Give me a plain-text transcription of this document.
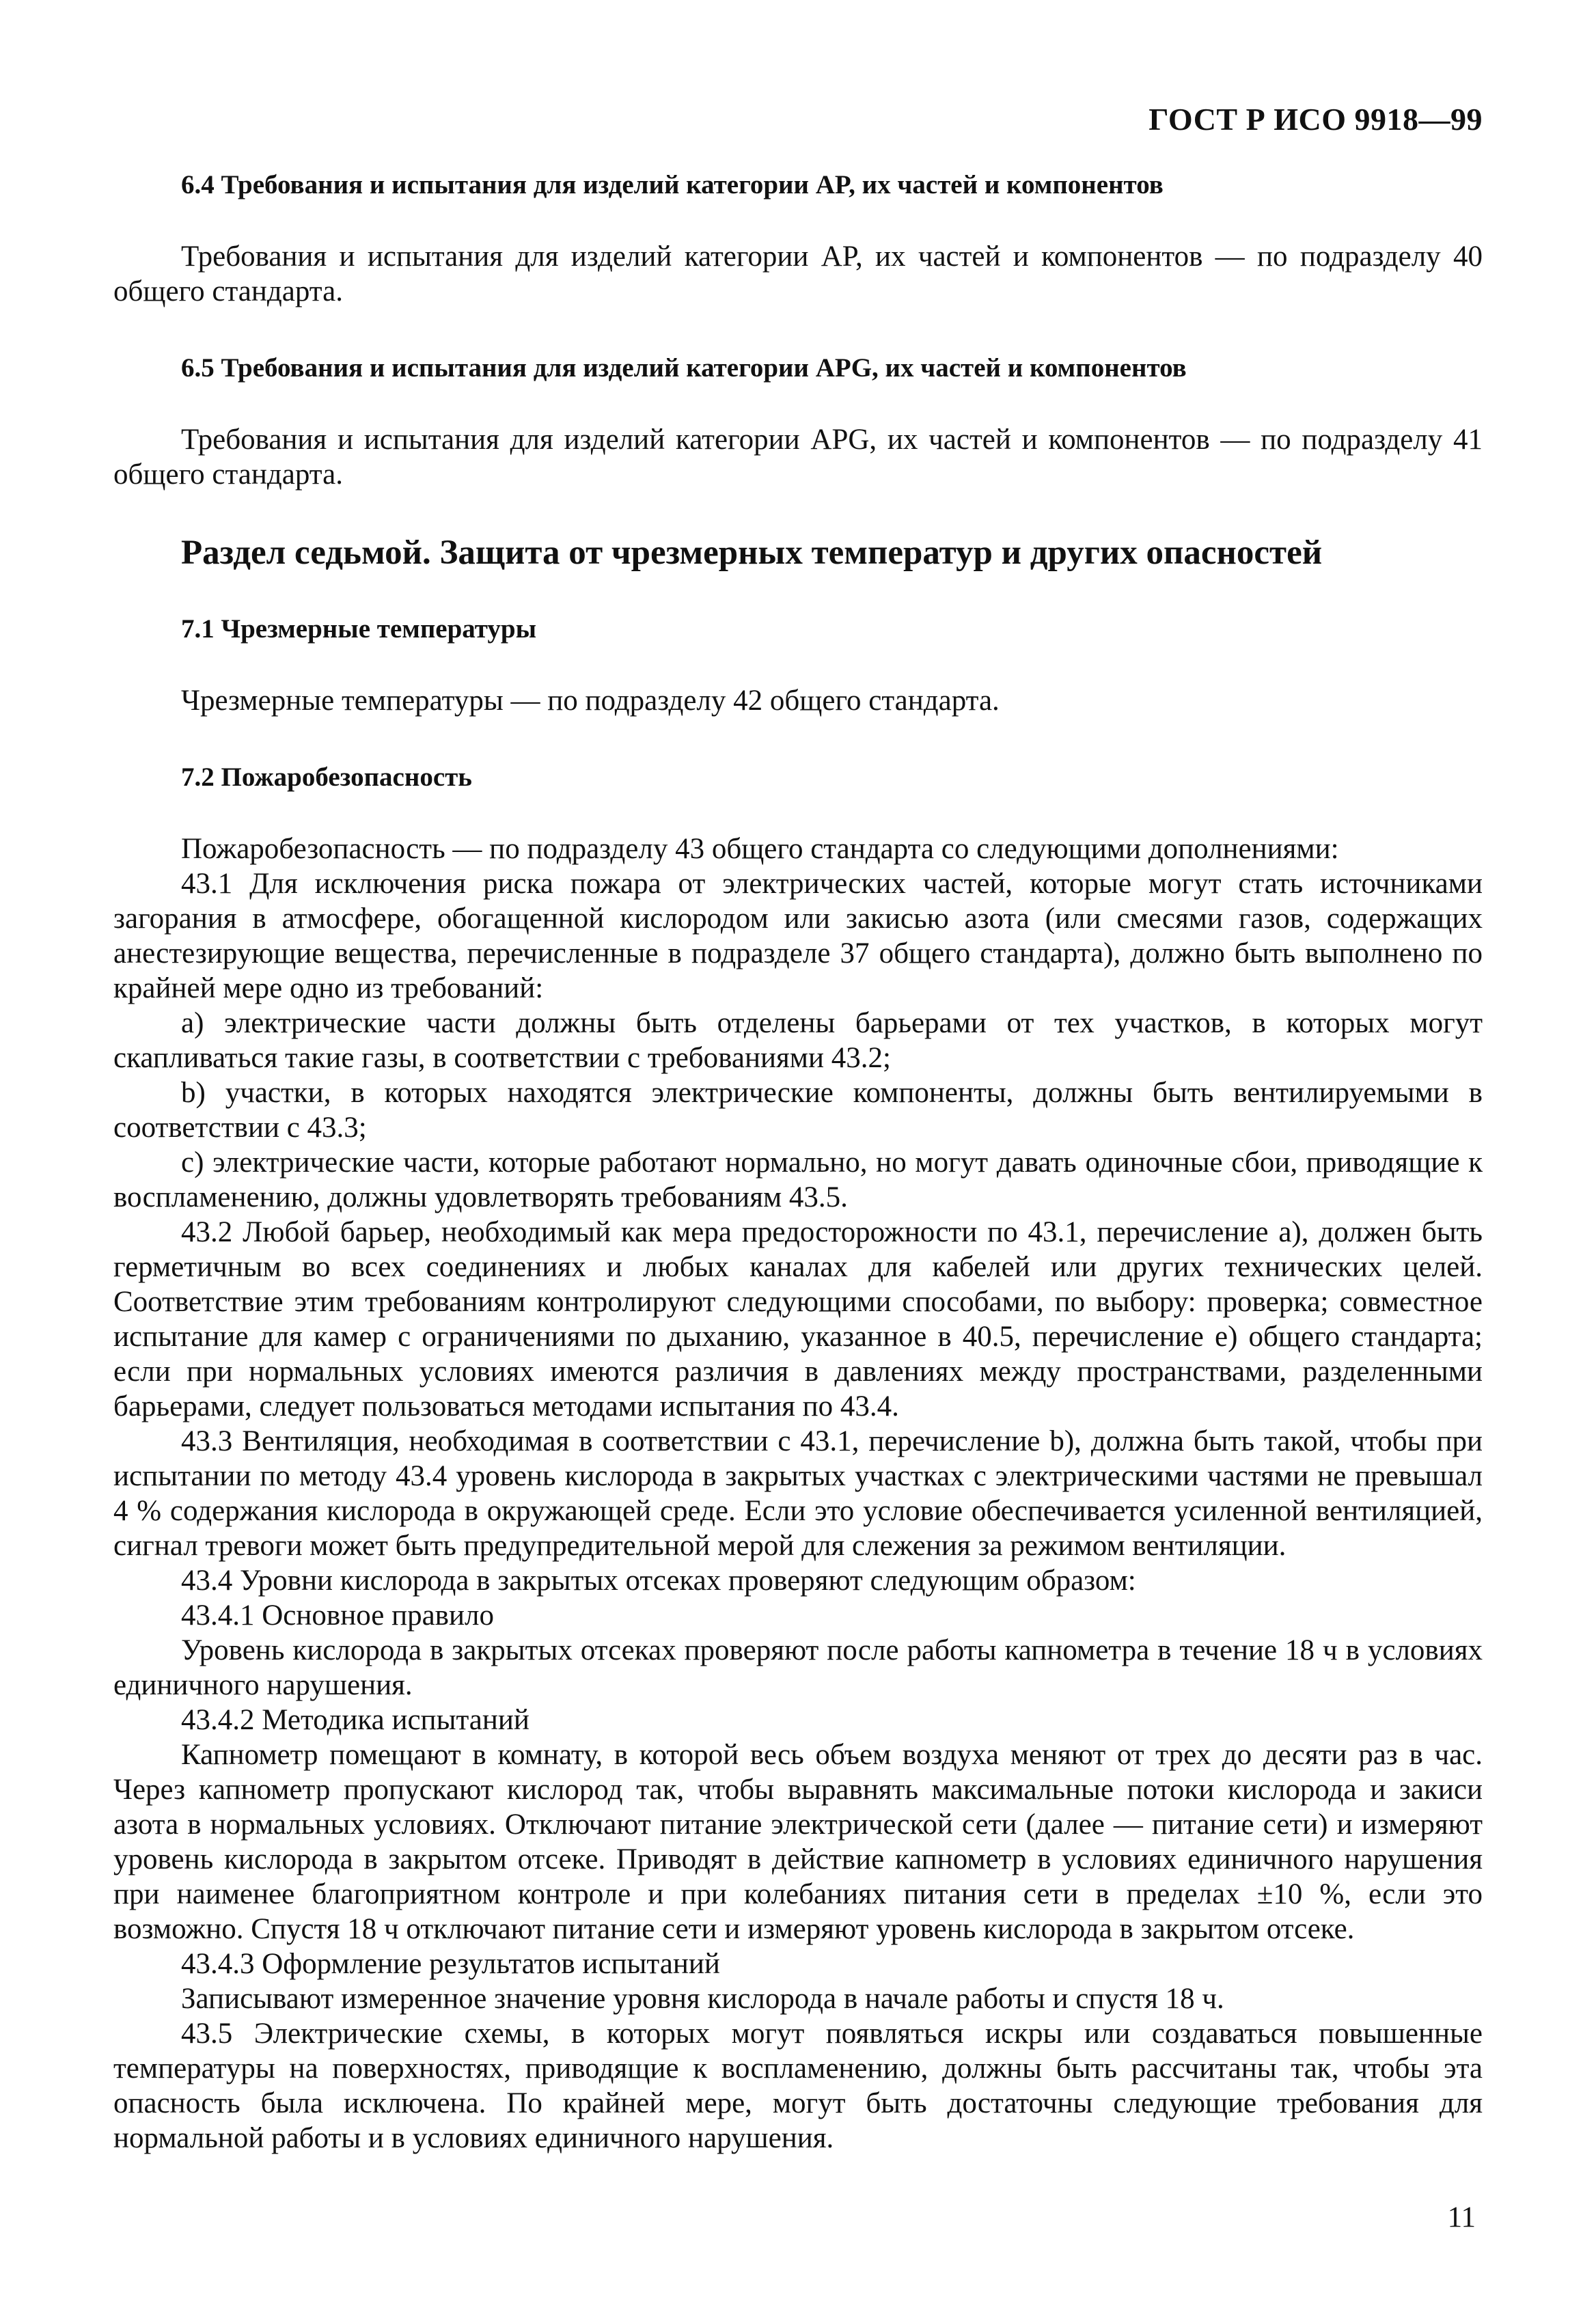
ГОСТ Р ИСО 9918—99
6.4 Требования и испытания для изделий категории AP, их частей и компонентов
Требования и испытания для изделий категории AP, их частей и компонентов — по подразделу 40 общего стандарта.
6.5 Требования и испытания для изделий категории APG, их частей и компонентов
Требования и испытания для изделий категории APG, их частей и компонентов — по подразделу 41 общего стандарта.
Раздел седьмой. Защита от чрезмерных температур и других опасностей
7.1 Чрезмерные температуры
Чрезмерные температуры — по подразделу 42 общего стандарта.
7.2 Пожаробезопасность
Пожаробезопасность — по подразделу 43 общего стандарта со следующими дополнениями:
43.1 Для исключения риска пожара от электрических частей, которые могут стать источниками загорания в атмосфере, обогащенной кислородом или закисью азота (или смесями газов, содержащих анестезирующие вещества, перечисленные в подразделе 37 общего стандарта), должно быть выполнено по крайней мере одно из требований:
a) электрические части должны быть отделены барьерами от тех участков, в которых могут скапливаться такие газы, в соответствии с требованиями 43.2;
b) участки, в которых находятся электрические компоненты, должны быть вентилируемыми в соответствии с 43.3;
c) электрические части, которые работают нормально, но могут давать одиночные сбои, приводящие к воспламенению, должны удовлетворять требованиям 43.5.
43.2 Любой барьер, необходимый как мера предосторожности по 43.1, перечисление a), должен быть герметичным во всех соединениях и любых каналах для кабелей или других технических целей. Соответствие этим требованиям контролируют следующими способами, по выбору: проверка; совместное испытание для камер с ограничениями по дыханию, указанное в 40.5, перечисление e) общего стандарта; если при нормальных условиях имеются различия в давлениях между пространствами, разделенными барьерами, следует пользоваться методами испытания по 43.4.
43.3 Вентиляция, необходимая в соответствии с 43.1, перечисление b), должна быть такой, чтобы при испытании по методу 43.4 уровень кислорода в закрытых участках с электрическими частями не превышал 4 % содержания кислорода в окружающей среде. Если это условие обеспечивается усиленной вентиляцией, сигнал тревоги может быть предупредительной мерой для слежения за режимом вентиляции.
43.4 Уровни кислорода в закрытых отсеках проверяют следующим образом:
43.4.1 Основное правило
Уровень кислорода в закрытых отсеках проверяют после работы капнометра в течение 18 ч в условиях единичного нарушения.
43.4.2 Методика испытаний
Капнометр помещают в комнату, в которой весь объем воздуха меняют от трех до десяти раз в час. Через капнометр пропускают кислород так, чтобы выравнять максимальные потоки кислорода и закиси азота в нормальных условиях. Отключают питание электрической сети (далее — питание сети) и измеряют уровень кислорода в закрытом отсеке. Приводят в действие капнометр в условиях единичного нарушения при наименее благоприятном контроле и при колебаниях питания сети в пределах ±10 %, если это возможно. Спустя 18 ч отключают питание сети и измеряют уровень кислорода в закрытом отсеке.
43.4.3 Оформление результатов испытаний
Записывают измеренное значение уровня кислорода в начале работы и спустя 18 ч.
43.5 Электрические схемы, в которых могут появляться искры или создаваться повышенные температуры на поверхностях, приводящие к воспламенению, должны быть рассчитаны так, чтобы эта опасность была исключена. По крайней мере, могут быть достаточны следующие требования для нормальной работы и в условиях единичного нарушения.
11
